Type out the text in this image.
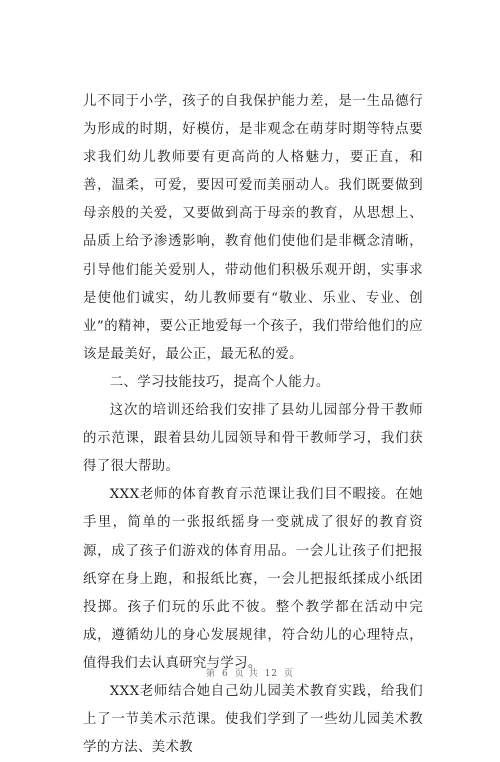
儿不同于小学，孩子的自我保护能力差，是一生品德行为形成的时期，好模仿，是非观念在萌芽时期等特点要求我们幼儿教师要有更高尚的人格魅力，要正直，和善，温柔，可爱，要因可爱而美丽动人。我们既要做到母亲般的关爱，又要做到高于母亲的教育，从思想上、品质上给予渗透影响，教育他们使他们是非概念清晰，引导他们能关爱别人，带动他们积极乐观开朗，实事求是使他们诚实，幼儿教师要有“敬业、乐业、专业、创业”的精神，要公正地爱每一个孩子，我们带给他们的应该是最美好，最公正，最无私的爱。

二、学习技能技巧，提高个人能力。

这次的培训还给我们安排了县幼儿园部分骨干教师的示范课，跟着县幼儿园领导和骨干教师学习，我们获得了很大帮助。

XXX老师的体育教育示范课让我们目不暇接。在她手里，简单的一张报纸摇身一变就成了很好的教育资源，成了孩子们游戏的体育用品。一会儿让孩子们把报纸穿在身上跑，和报纸比赛，一会儿把报纸揉成小纸团投掷。孩子们玩的乐此不彼。整个教学都在活动中完成，遵循幼儿的身心发展规律，符合幼儿的心理特点，值得我们去认真研究与学习。

XXX老师结合她自己幼儿园美术教育实践，给我们上了一节美术示范课。使我们学到了一些幼儿园美术教学的方法、美术教

第 6 页 共 12 页
